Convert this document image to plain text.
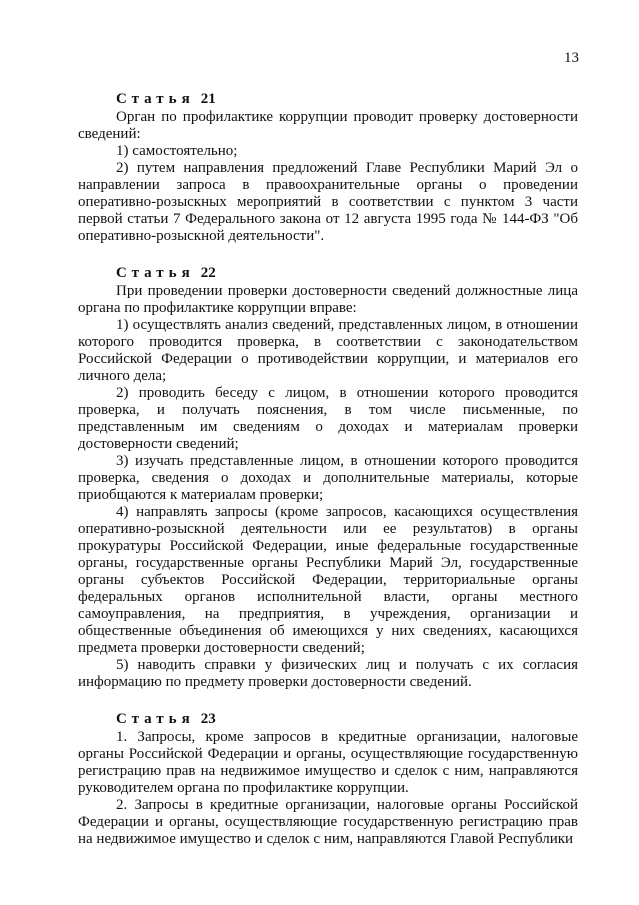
13
Статья 21

Орган по профилактике коррупции проводит проверку достоверности сведений:

1) самостоятельно;

2) путем направления предложений Главе Республики Марий Эл о направлении запроса в правоохранительные органы о проведении оперативно-розыскных мероприятий в соответствии с пунктом 3 части первой статьи 7 Федерального закона от 12 августа 1995 года № 144-ФЗ "Об оперативно-розыскной деятельности".

Статья 22

При проведении проверки достоверности сведений должностные лица органа по профилактике коррупции вправе:

1) осуществлять анализ сведений, представленных лицом, в отношении которого проводится проверка, в соответствии с законодательством Российской Федерации о противодействии коррупции, и материалов его личного дела;

2) проводить беседу с лицом, в отношении которого проводится проверка, и получать пояснения, в том числе письменные, по представленным им сведениям о доходах и материалам проверки достоверности сведений;

3) изучать представленные лицом, в отношении которого проводится проверка, сведения о доходах и дополнительные материалы, которые приобщаются к материалам проверки;

4) направлять запросы (кроме запросов, касающихся осуществления оперативно-розыскной деятельности или ее результатов) в органы прокуратуры Российской Федерации, иные федеральные государственные органы, государственные органы Республики Марий Эл, государственные органы субъектов Российской Федерации, территориальные органы федеральных органов исполнительной власти, органы местного самоуправления, на предприятия, в учреждения, организации и общественные объединения об имеющихся у них сведениях, касающихся предмета проверки достоверности сведений;

5) наводить справки у физических лиц и получать с их согласия информацию по предмету проверки достоверности сведений.

Статья 23

1. Запросы, кроме запросов в кредитные организации, налоговые органы Российской Федерации и органы, осуществляющие государственную регистрацию прав на недвижимое имущество и сделок с ним, направляются руководителем органа по профилактике коррупции.

2. Запросы в кредитные организации, налоговые органы Российской Федерации и органы, осуществляющие государственную регистрацию прав на недвижимое имущество и сделок с ним, направляются Главой Республики
